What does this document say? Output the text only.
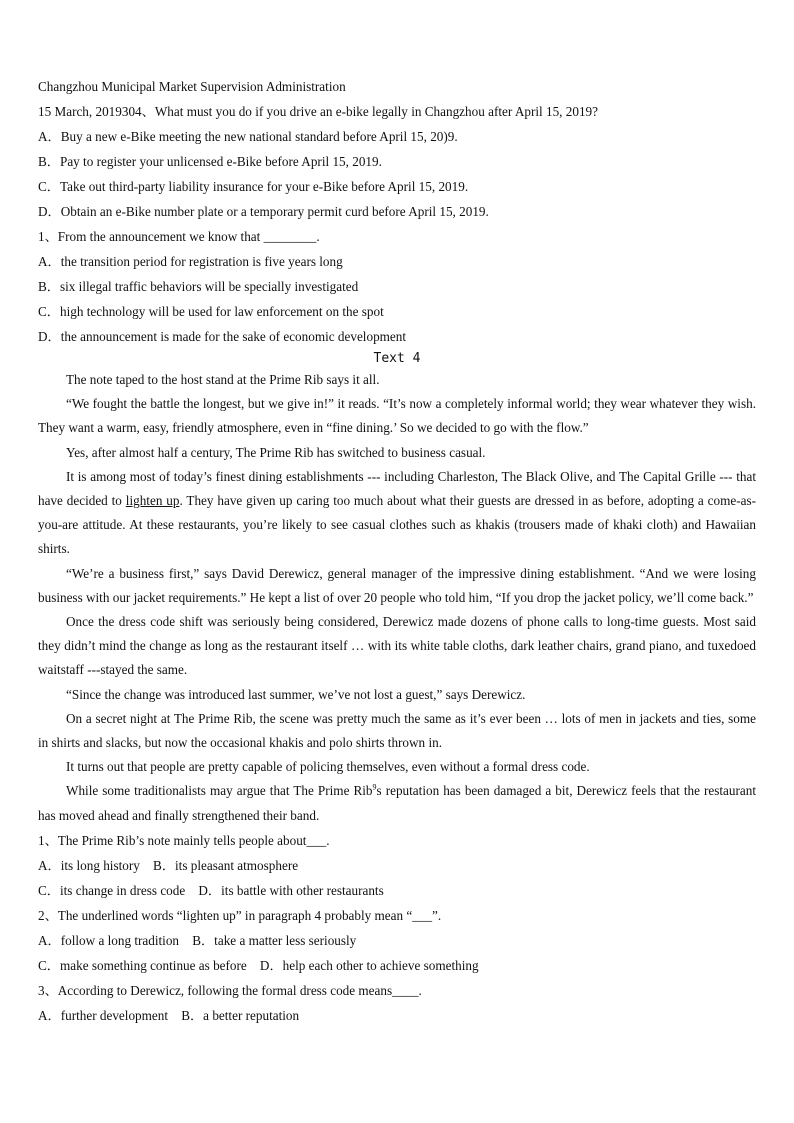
Changzhou Municipal Market Supervision Administration
15 March, 2019304、What must you do if you drive an e-bike legally in Changzhou after April 15, 2019?
A．Buy a new e-Bike meeting the new national standard before April 15, 20)9.
B．Pay to register your unlicensed e-Bike before April 15, 2019.
C．Take out third-party liability insurance for your e-Bike before April 15, 2019.
D．Obtain an e-Bike number plate or a temporary permit curd before April 15, 2019.
1、From the announcement we know that ________.
A．the transition period for registration is five years long
B．six illegal traffic behaviors will be specially investigated
C．high technology will be used for law enforcement on the spot
D．the announcement is made for the sake of economic development
Text 4
The note taped to the host stand at the Prime Rib says it all.
“We fought the battle the longest, but we give in!” it reads. “It’s now a completely informal world; they wear whatever they wish. They want a warm, easy, friendly atmosphere, even in “fine dining.’ So we decided to go with the flow.”
Yes, after almost half a century, The Prime Rib has switched to business casual.
It is among most of today’s finest dining establishments --- including Charleston, The Black Olive, and The Capital Grille --- that have decided to lighten up. They have given up caring too much about what their guests are dressed in as before, adopting a come-as-you-are attitude. At these restaurants, you’re likely to see casual clothes such as khakis (trousers made of khaki cloth) and Hawaiian shirts.
“We’re a business first,” says David Derewicz, general manager of the impressive dining establishment. “And we were losing business with our jacket requirements.” He kept a list of over 20 people who told him, “If you drop the jacket policy, we’ll come back.”
Once the dress code shift was seriously being considered, Derewicz made dozens of phone calls to long-time guests. Most said they didn’t mind the change as long as the restaurant itself … with its white table cloths, dark leather chairs, grand piano, and tuxedoed waitstaff ---stayed the same.
“Since the change was introduced last summer, we’ve not lost a guest,” says Derewicz.
On a secret night at The Prime Rib, the scene was pretty much the same as it’s ever been … lots of men in jackets and ties, some in shirts and slacks, but now the occasional khakis and polo shirts thrown in.
It turns out that people are pretty capable of policing themselves, even without a formal dress code.
While some traditionalists may argue that The Prime Rib$^9$s reputation has been damaged a bit, Derewicz feels that the restaurant has moved ahead and finally strengthened their band.
1、The Prime Rib’s note mainly tells people about___.
A．its long history    B．its pleasant atmosphere
C．its change in dress code    D．its battle with other restaurants
2、The underlined words “lighten up” in paragraph 4 probably mean “___”.
A．follow a long tradition    B．take a matter less seriously
C．make something continue as before    D．help each other to achieve something
3、According to Derewicz, following the formal dress code means____.
A．further development    B．a better reputation
